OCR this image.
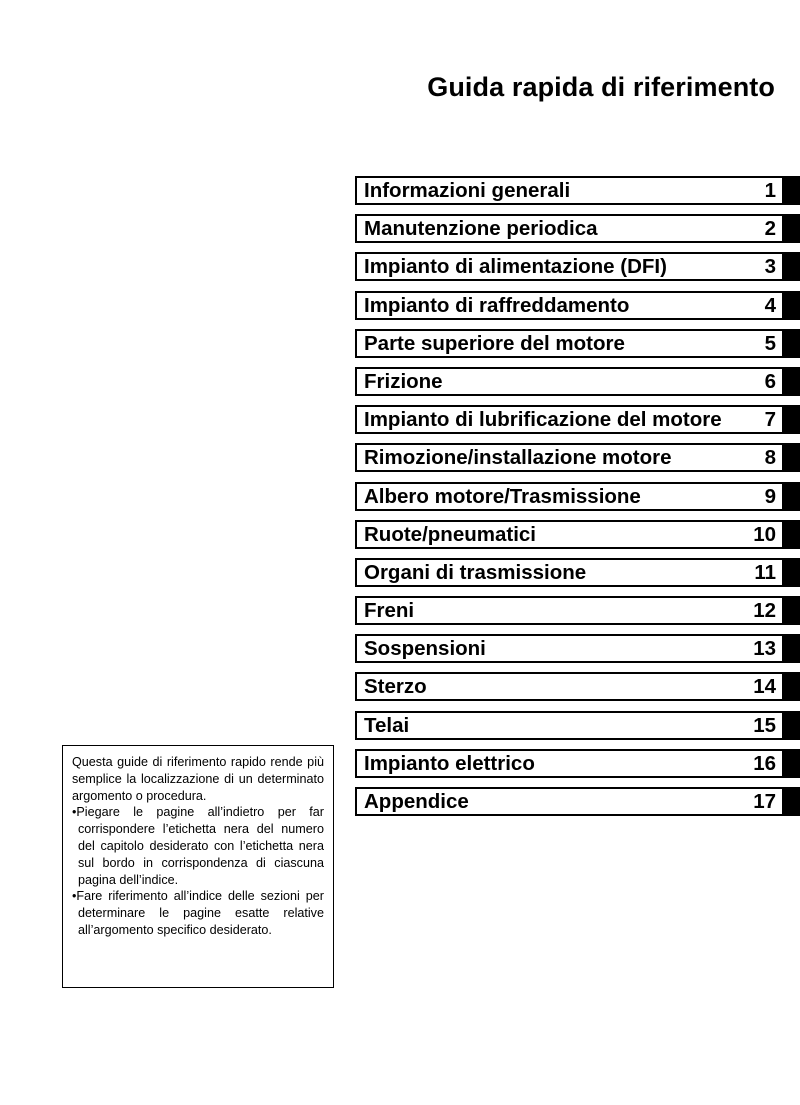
Guida rapida di riferimento
Informazioni generali	1
Manutenzione periodica	2
Impianto di alimentazione (DFI)	3
Impianto di raffreddamento	4
Parte superiore del motore	5
Frizione	6
Impianto di lubrificazione del motore 7
Rimozione/installazione motore	8
Albero motore/Trasmissione	9
Ruote/pneumatici	10
Organi di trasmissione	11
Freni	12
Sospensioni	13
Sterzo	14
Telai	15
Impianto elettrico	16
Appendice	17

Questa guide di riferimento rapido rende più semplice la localizzazione di un determinato argomento o procedura.

•Piegare le pagine all’indietro per far corrispondere l’etichetta nera del numero del capitolo desiderato con l’etichetta nera sul bordo in corrispondenza di ciascuna pagina dell’indice.

•Fare riferimento all’indice delle sezioni per determinare le pagine esatte relative all’argomento specifico desiderato.
